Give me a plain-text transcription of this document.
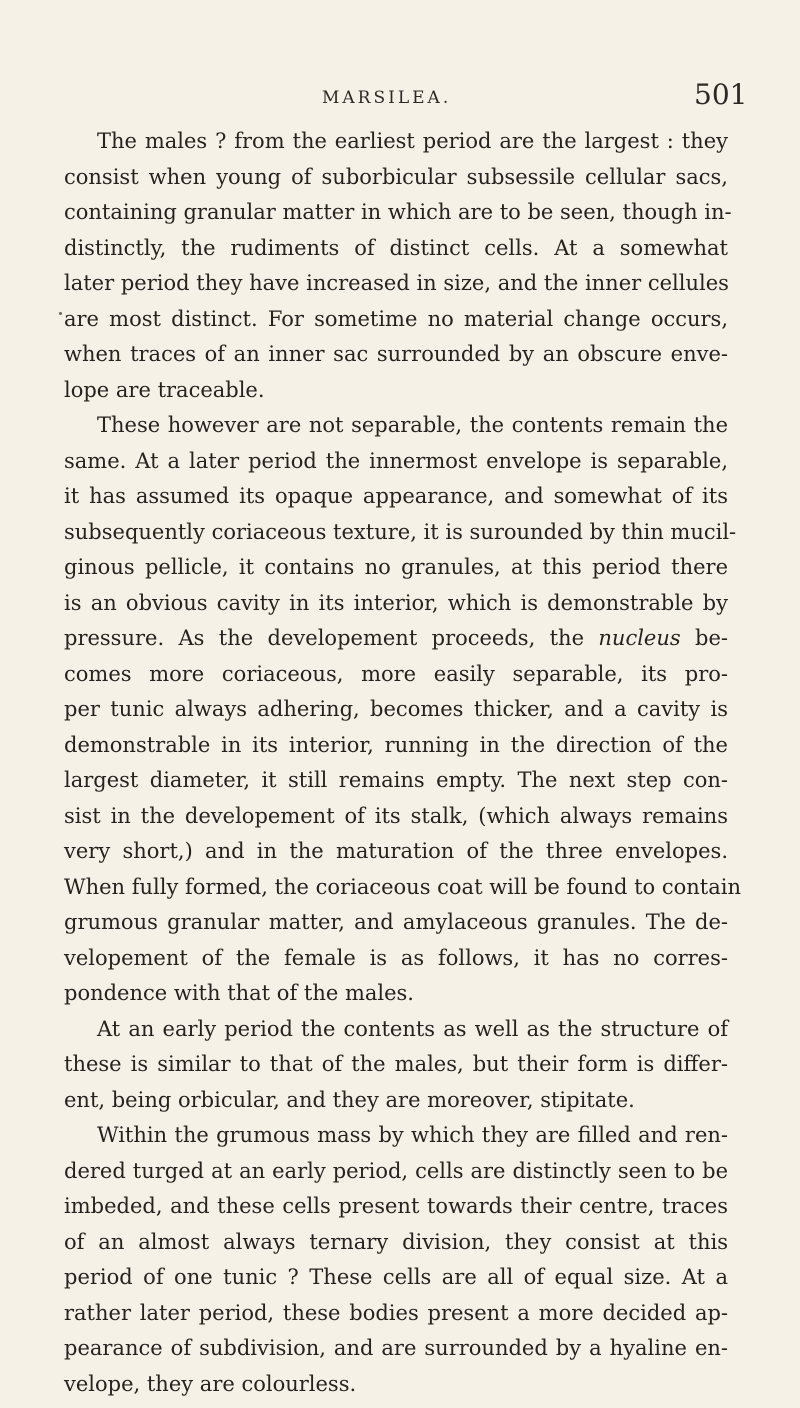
MARSILEA.	501
The males ? from the earliest period are the largest : they
consist when young of suborbicular subsessile cellular sacs,
containing granular matter in which are to be seen, though in-
distinctly, the rudiments of distinct cells. At a somewhat
later period they have increased in size, and the inner cellules
are most distinct. For sometime no material change occurs,
when traces of an inner sac surrounded by an obscure enve-
lope are traceable.
These however are not separable, the contents remain the
same. At a later period the innermost envelope is separable,
it has assumed its opaque appearance, and somewhat of its
subsequently coriaceous texture, it is surounded by thin mucil-
ginous pellicle, it contains no granules, at this period there
is an obvious cavity in its interior, which is demonstrable by
pressure. As the developement proceeds, the nucleus be-
comes more coriaceous, more easily separable, its pro-
per tunic always adhering, becomes thicker, and a cavity is
demonstrable in its interior, running in the direction of the
largest diameter, it still remains empty. The next step con-
sist in the developement of its stalk, (which always remains
very short,) and in the maturation of the three envelopes.
When fully formed, the coriaceous coat will be found to contain
grumous granular matter, and amylaceous granules. The de-
velopement of the female is as follows, it has no corres-
pondence with that of the males.
At an early period the contents as well as the structure of
these is similar to that of the males, but their form is differ-
ent, being orbicular, and they are moreover, stipitate.
Within the grumous mass by which they are filled and ren-
dered turged at an early period, cells are distinctly seen to be
imbeded, and these cells present towards their centre, traces
of an almost always ternary division, they consist at this
period of one tunic ? These cells are all of equal size. At a
rather later period, these bodies present a more decided ap-
pearance of subdivision, and are surrounded by a hyaline en-
velope, they are colourless.
